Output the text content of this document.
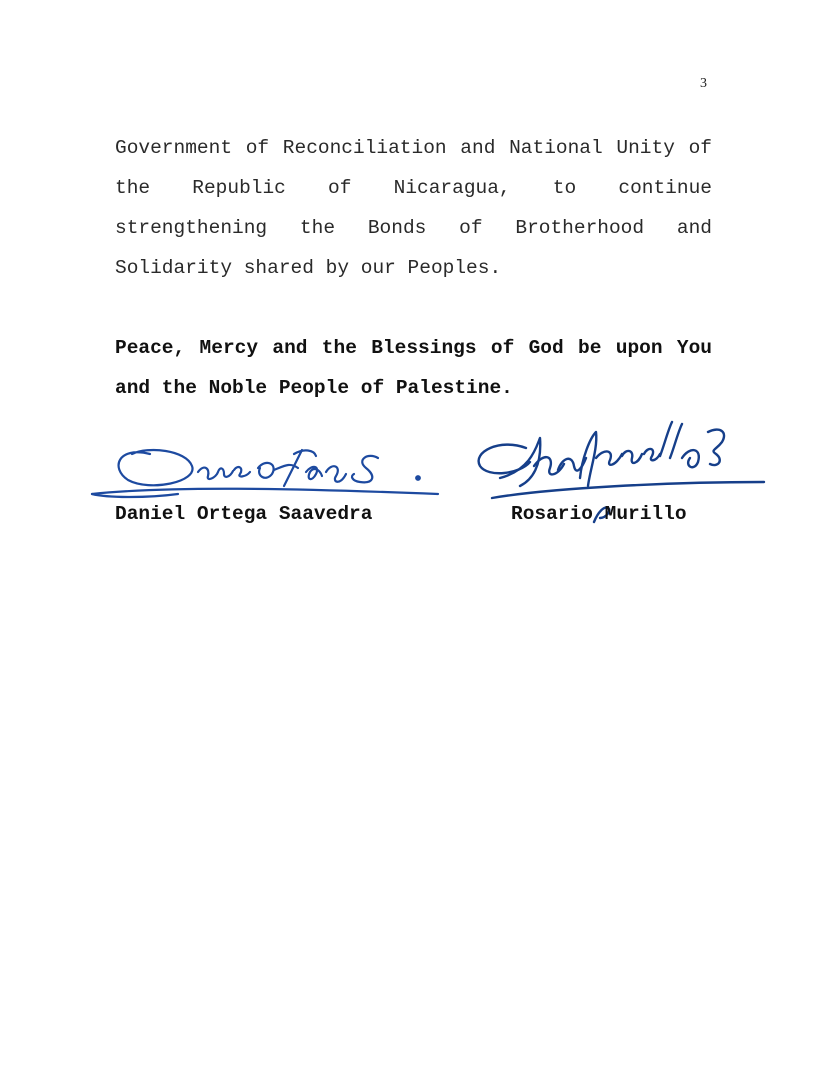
3

Government of Reconciliation and National Unity of the Republic of Nicaragua, to continue strengthening the Bonds of Brotherhood and Solidarity shared by our Peoples.

Peace, Mercy and the Blessings of God be upon You and the Noble People of Palestine.

Daniel Ortega Saavedra	Rosario Murillo
